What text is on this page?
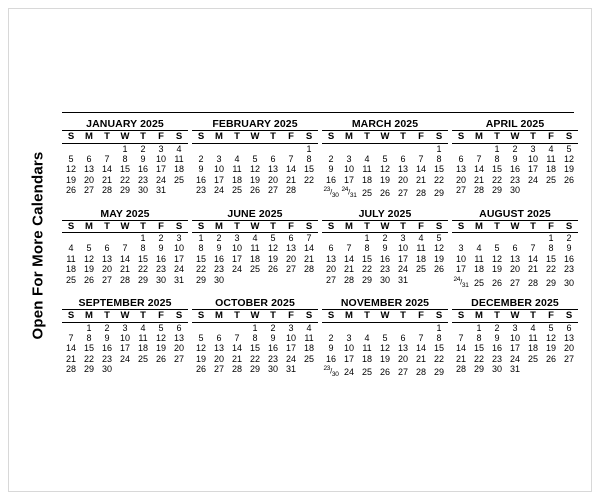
Open For More Calendars
JANUARY 2025
S	M	T	W	T	F	S
			1	2	3	4
5	6	7	8	9	10	11
12	13	14	15	16	17	18
19	20	21	22	23	24	25
26	27	28	29	30	31	
FEBRUARY 2025
S	M	T	W	T	F	S
						1
2	3	4	5	6	7	8
9	10	11	12	13	14	15
16	17	18	19	20	21	22
23	24	25	26	27	28	
MARCH 2025
S	M	T	W	T	F	S
						1
2	3	4	5	6	7	8
9	10	11	12	13	14	15
16	17	18	19	20	21	22
23/30	24/31	25	26	27	28	29
APRIL 2025
S	M	T	W	T	F	S
		1	2	3	4	5
6	7	8	9	10	11	12
13	14	15	16	17	18	19
20	21	22	23	24	25	26
27	28	29	30			
MAY 2025
S	M	T	W	T	F	S
				1	2	3
4	5	6	7	8	9	10
11	12	13	14	15	16	17
18	19	20	21	22	23	24
25	26	27	28	29	30	31
JUNE 2025
S	M	T	W	T	F	S
1	2	3	4	5	6	7
8	9	10	11	12	13	14
15	16	17	18	19	20	21
22	23	24	25	26	27	28
29	30					
JULY 2025
S	M	T	W	T	F	S
		1	2	3	4	5
6	7	8	9	10	11	12
13	14	15	16	17	18	19
20	21	22	23	24	25	26
27	28	29	30	31		
AUGUST 2025
S	M	T	W	T	F	S
					1	2
3	4	5	6	7	8	9
10	11	12	13	14	15	16
17	18	19	20	21	22	23
24/31	25	26	27	28	29	30
SEPTEMBER 2025
S	M	T	W	T	F	S
	1	2	3	4	5	6
7	8	9	10	11	12	13
14	15	16	17	18	19	20
21	22	23	24	25	26	27
28	29	30				
OCTOBER 2025
S	M	T	W	T	F	S
			1	2	3	4
5	6	7	8	9	10	11
12	13	14	15	16	17	18
19	20	21	22	23	24	25
26	27	28	29	30	31	
NOVEMBER 2025
S	M	T	W	T	F	S
						1
2	3	4	5	6	7	8
9	10	11	12	13	14	15
16	17	18	19	20	21	22
23/30	24	25	26	27	28	29
DECEMBER 2025
S	M	T	W	T	F	S
	1	2	3	4	5	6
7	8	9	10	11	12	13
14	15	16	17	18	19	20
21	22	23	24	25	26	27
28	29	30	31			
